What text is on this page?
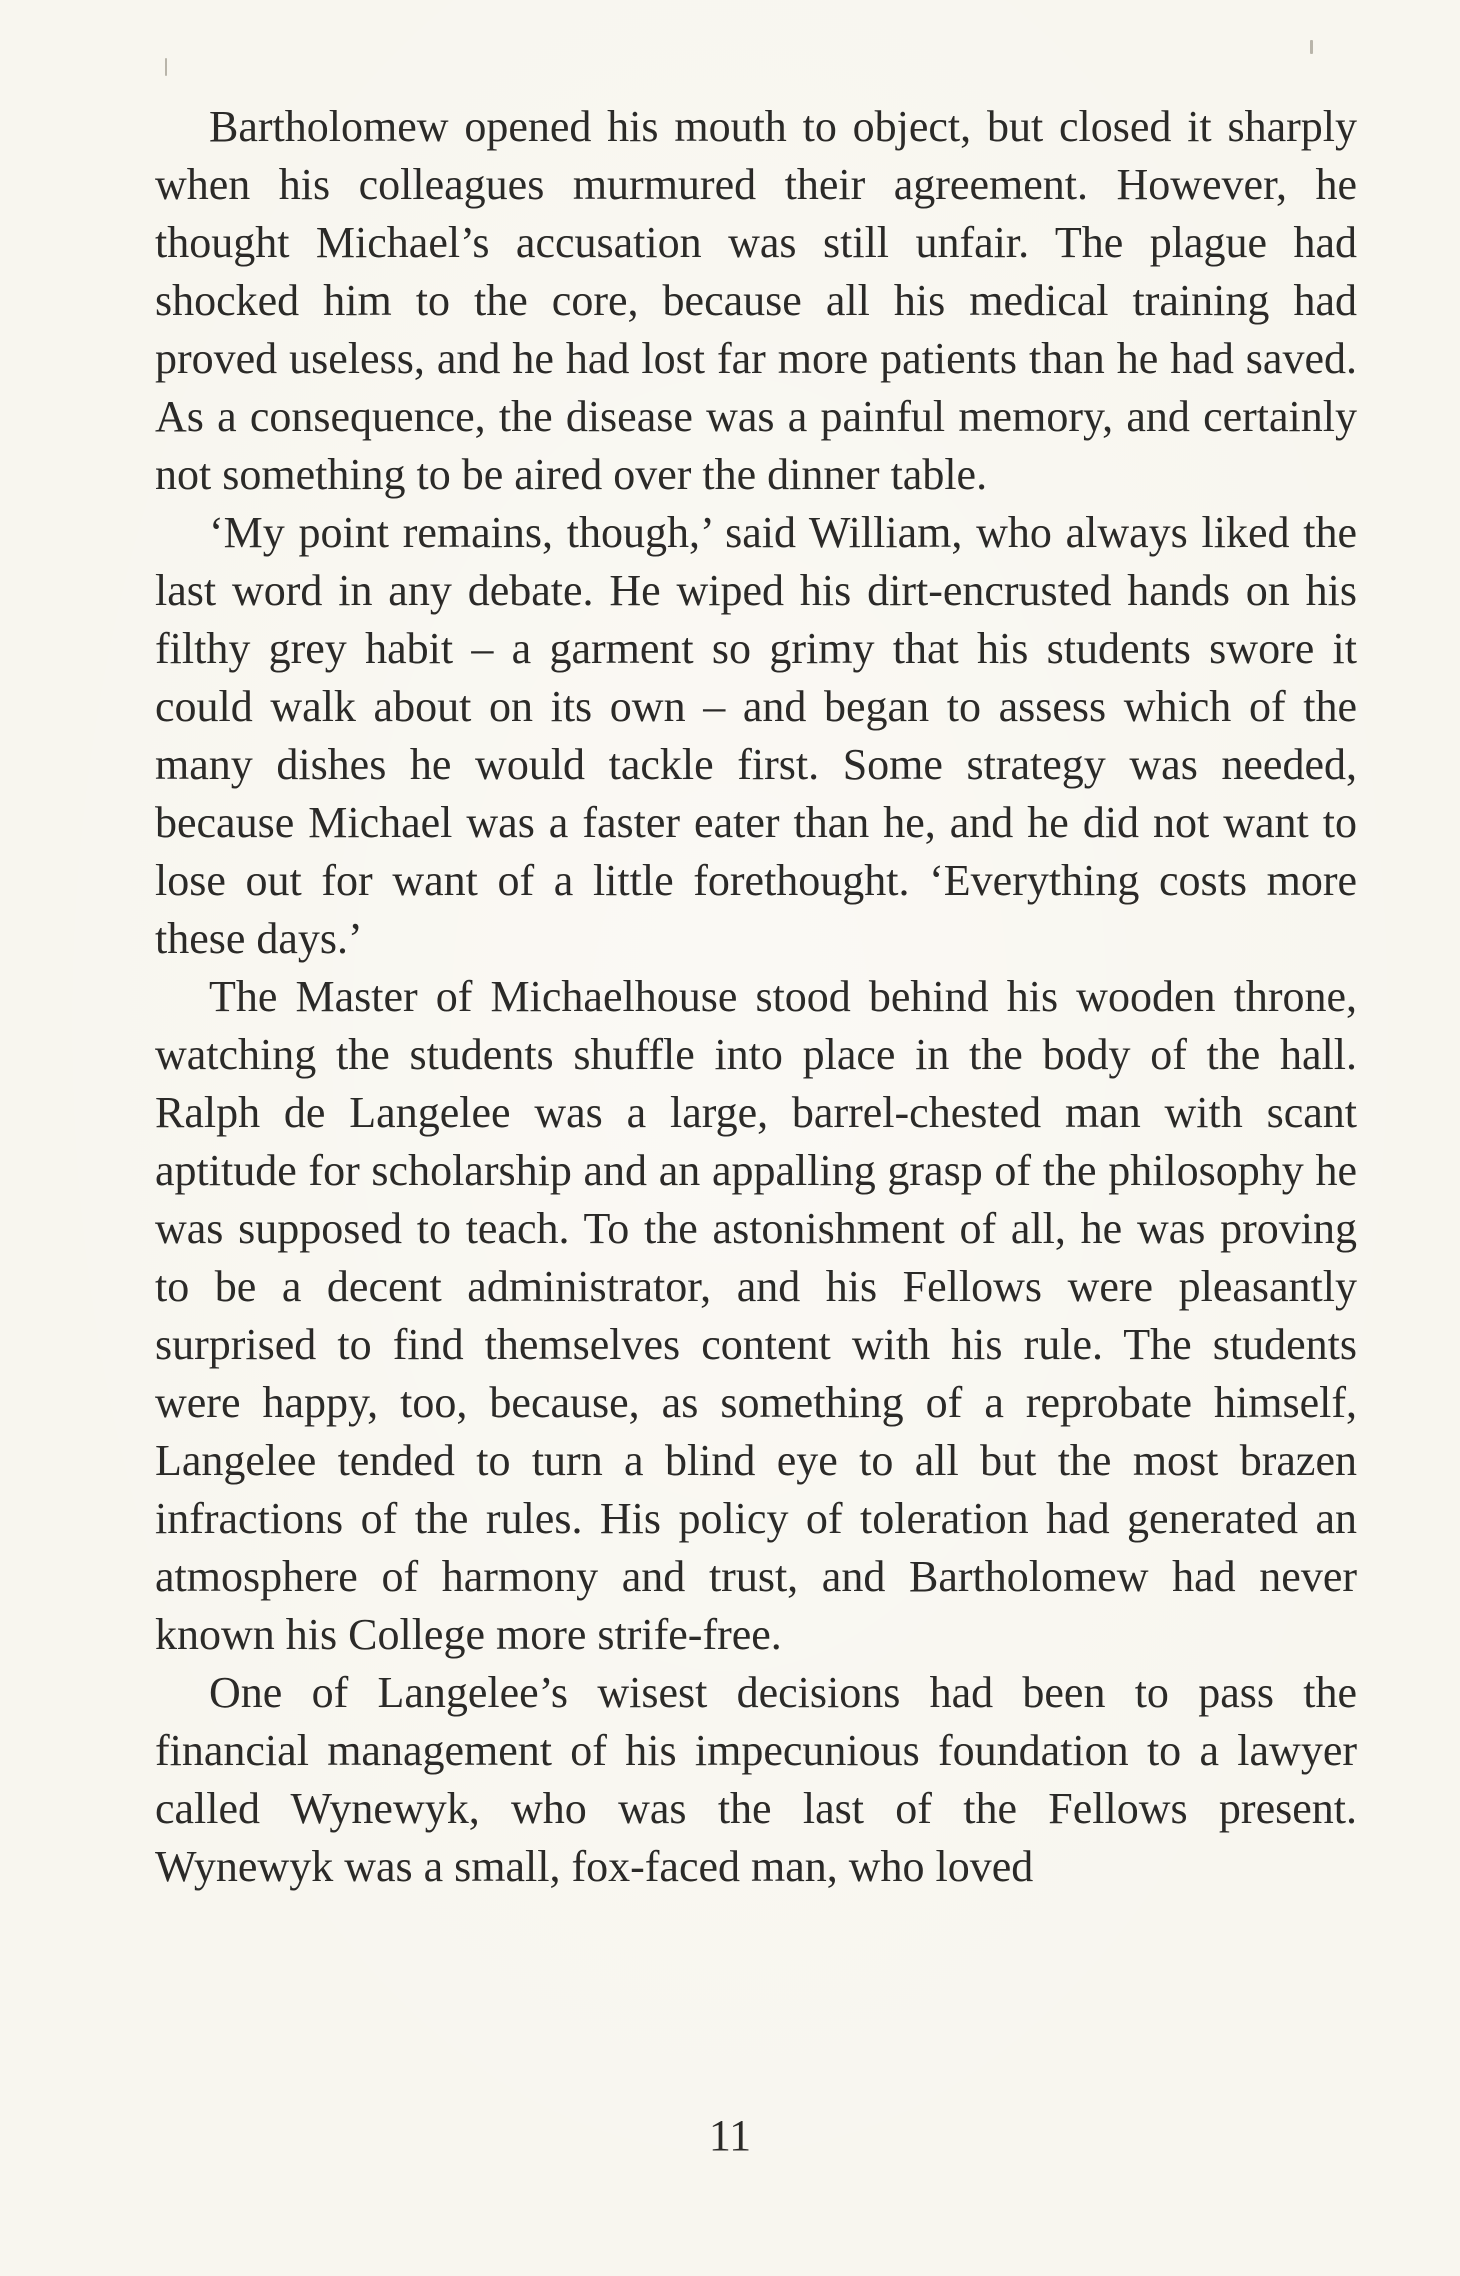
Bartholomew opened his mouth to object, but closed it sharply when his colleagues murmured their agreement. However, he thought Michael’s accusation was still unfair. The plague had shocked him to the core, because all his medical training had proved useless, and he had lost far more patients than he had saved. As a consequence, the disease was a painful memory, and certainly not something to be aired over the dinner table.

‘My point remains, though,’ said William, who always liked the last word in any debate. He wiped his dirt-encrusted hands on his filthy grey habit – a garment so grimy that his students swore it could walk about on its own – and began to assess which of the many dishes he would tackle first. Some strategy was needed, because Michael was a faster eater than he, and he did not want to lose out for want of a little forethought. ‘Everything costs more these days.’

The Master of Michaelhouse stood behind his wooden throne, watching the students shuffle into place in the body of the hall. Ralph de Langelee was a large, barrel-chested man with scant aptitude for scholarship and an appalling grasp of the philosophy he was supposed to teach. To the astonishment of all, he was proving to be a decent administrator, and his Fellows were pleasantly surprised to find themselves content with his rule. The students were happy, too, because, as something of a reprobate himself, Langelee tended to turn a blind eye to all but the most brazen infractions of the rules. His policy of toleration had generated an atmosphere of harmony and trust, and Bartholomew had never known his College more strife-free.

One of Langelee’s wisest decisions had been to pass the financial management of his impecunious foundation to a lawyer called Wynewyk, who was the last of the Fellows present. Wynewyk was a small, fox-faced man, who loved

11
